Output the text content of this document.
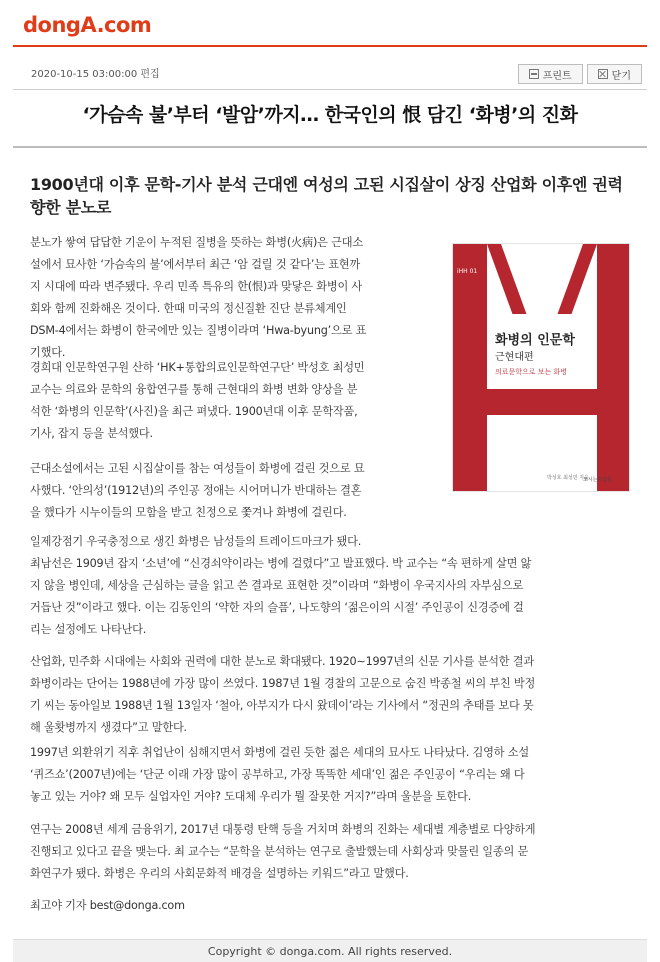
dongA.com
2020-10-15 03:00:00 편집	프린트	닫기
‘가슴속 불’부터 ‘발암’까지… 한국인의 恨 담긴 ‘화병’의 진화
1900년대 이후 문학-기사 분석 근대엔 여성의 고된 시집살이 상징 산업화 이후엔 권력 향한 분노로
iHH 01
화병의 인문학
근현대편
의료문학으로 보는 화병
박성호 최성민 지음
모시는사람들
분노가 쌓여 답답한 기운이 누적된 질병을 뜻하는 화병(火病)은 근대소
설에서 묘사한 ‘가슴속의 불’에서부터 최근 ‘암 걸릴 것 같다’는 표현까
지 시대에 따라 변주됐다. 우리 민족 특유의 한(恨)과 맞닿은 화병이 사
회와 함께 진화해온 것이다. 한때 미국의 정신질환 진단 분류체계인
DSM-4에서는 화병이 한국에만 있는 질병이라며 ‘Hwa-byung’으로 표
기했다.
경희대 인문학연구원 산하 ‘HK+통합의료인문학연구단’ 박성호 최성민
교수는 의료와 문학의 융합연구를 통해 근현대의 화병 변화 양상을 분
석한 ‘화병의 인문학’(사진)을 최근 펴냈다. 1900년대 이후 문학작품,
기사, 잡지 등을 분석했다.
근대소설에서는 고된 시집살이를 참는 여성들이 화병에 걸린 것으로 묘
사했다. ‘안의성’(1912년)의 주인공 정애는 시어머니가 반대하는 결혼
을 했다가 시누이들의 모함을 받고 친정으로 쫓겨나 화병에 걸린다.
일제강점기 우국충정으로 생긴 화병은 남성들의 트레이드마크가 됐다.
최남선은 1909년 잡지 ‘소년’에 “신경쇠약이라는 병에 걸렸다”고 발표했다. 박 교수는 “속 편하게 살면 앓
지 않을 병인데, 세상을 근심하는 글을 읽고 쓴 결과로 표현한 것”이라며 “화병이 우국지사의 자부심으로
거듭난 것”이라고 했다. 이는 김동인의 ‘약한 자의 슬픔’, 나도향의 ‘젊은이의 시절’ 주인공이 신경증에 걸
리는 설정에도 나타난다.
산업화, 민주화 시대에는 사회와 권력에 대한 분노로 확대됐다. 1920∼1997년의 신문 기사를 분석한 결과
화병이라는 단어는 1988년에 가장 많이 쓰였다. 1987년 1월 경찰의 고문으로 숨진 박종철 씨의 부친 박정
기 씨는 동아일보 1988년 1월 13일자 ‘철아, 아부지가 다시 왔데이’라는 기사에서 “정권의 추태를 보다 못
해 울홧병까지 생겼다”고 말한다.
1997년 외환위기 직후 취업난이 심해지면서 화병에 걸린 듯한 젊은 세대의 묘사도 나타났다. 김영하 소설
‘퀴즈쇼’(2007년)에는 ‘단군 이래 가장 많이 공부하고, 가장 똑똑한 세대’인 젊은 주인공이 “우리는 왜 다
놓고 있는 거야? 왜 모두 실업자인 거야? 도대체 우리가 뭘 잘못한 거지?”라며 울분을 토한다.
연구는 2008년 세계 금융위기, 2017년 대통령 탄핵 등을 거치며 화병의 진화는 세대별 계층별로 다양하게
진행되고 있다고 끝을 맺는다. 최 교수는 “문학을 분석하는 연구로 출발했는데 사회상과 맞물린 일종의 문
화연구가 됐다. 화병은 우리의 사회문화적 배경을 설명하는 키워드”라고 말했다.
최고야 기자 best@donga.com
Copyright © donga.com. All rights reserved.
